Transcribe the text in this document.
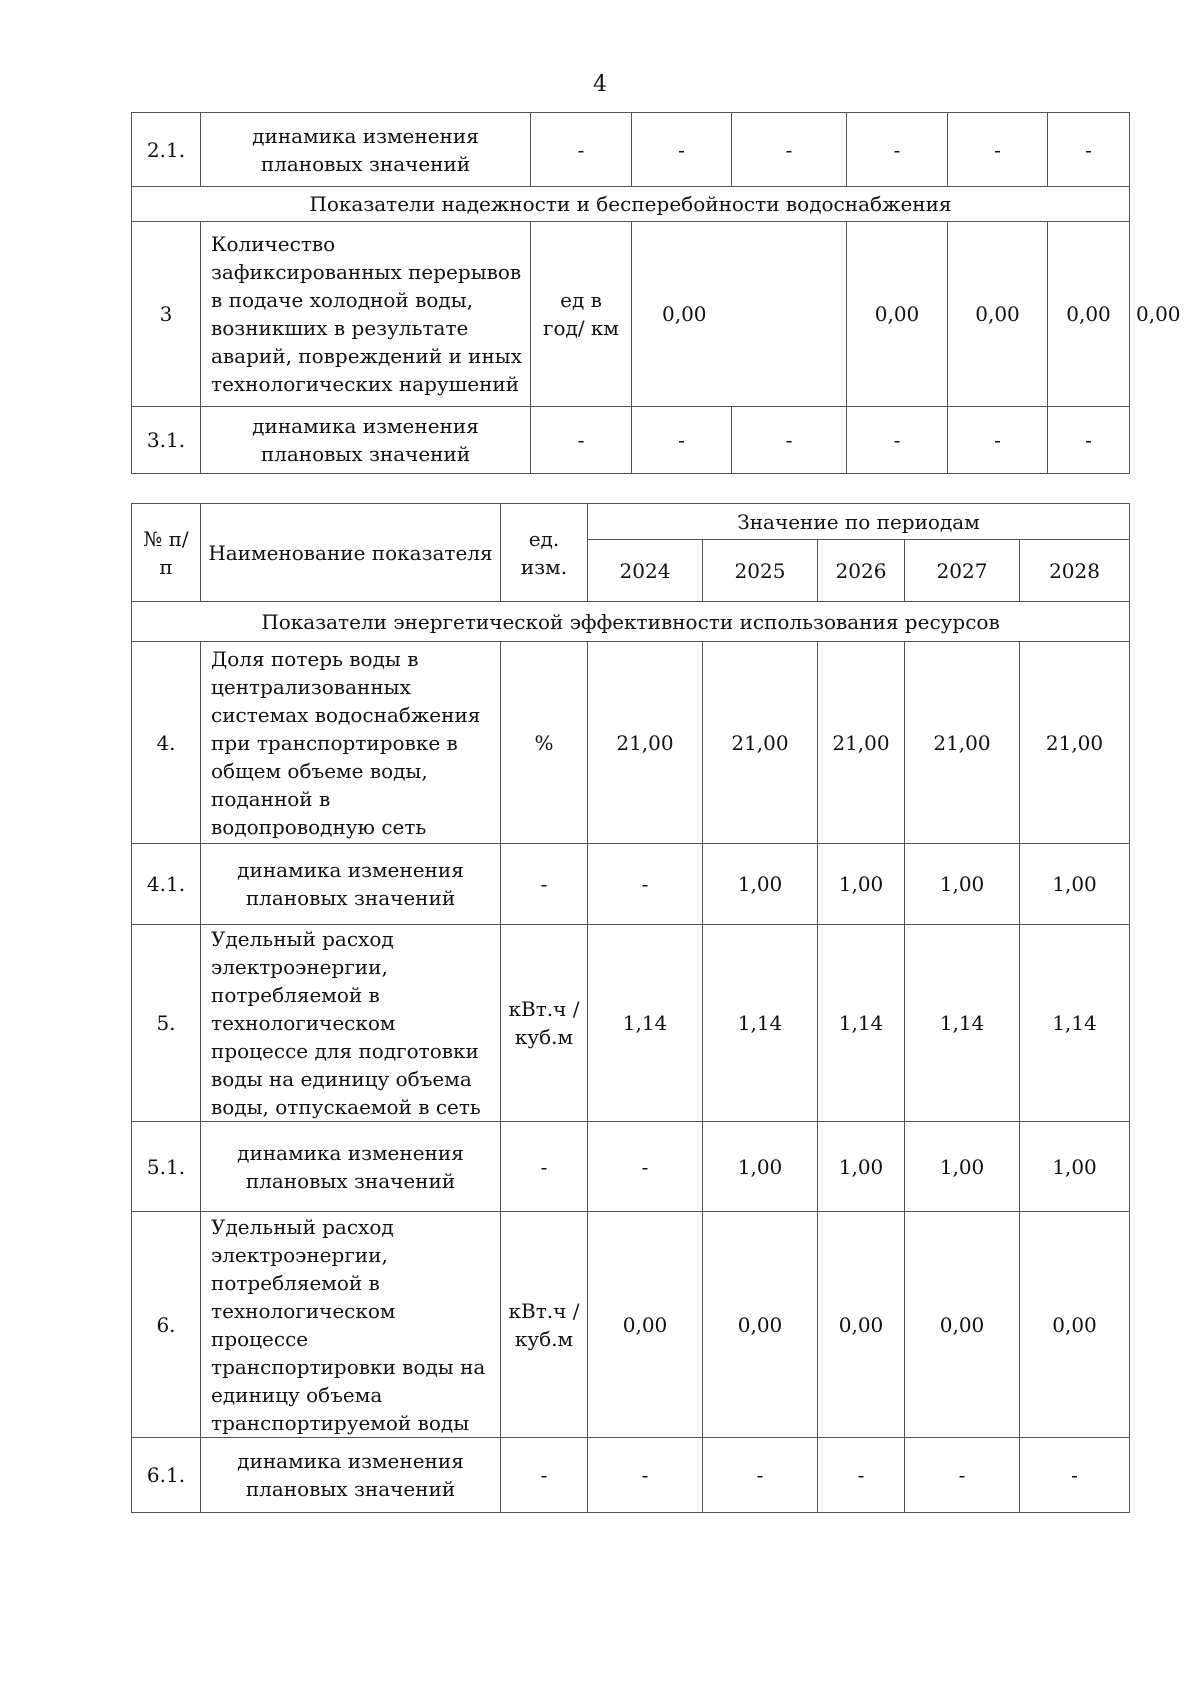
4
2.1.	динамика изменения плановых значений	-	-	-	-	-	-	
Показатели надежности и бесперебойности водоснабжения								
3	Количество зафиксированных перерывов в подаче холодной воды, возникших в результате аварий, повреждений и иных технологических нарушений	ед в год/ км	0,00		0,00	0,00	0,00	0,00
3.1.	динамика изменения плановых значений	-	-	-	-	-	-	
№ п/п	Наименование показателя	ед. изм.	Значение по периодам				
			2024	2025	2026	2027	2028
Показатели энергетической эффективности использования ресурсов							
4.	Доля потерь воды в централизованных системах водоснабжения при транспортировке в общем объеме воды, поданной в водопроводную сеть	%	21,00	21,00	21,00	21,00	21,00
4.1.	динамика изменения плановых значений	-	-	1,00	1,00	1,00	1,00
5.	Удельный расход электроэнергии, потребляемой в технологическом процессе для подготовки воды на единицу объема воды, отпускаемой в сеть	кВт.ч / куб.м	1,14	1,14	1,14	1,14	1,14
5.1.	динамика изменения плановых значений	-	-	1,00	1,00	1,00	1,00
6.	Удельный расход электроэнергии, потребляемой в технологическом процессе транспортировки воды на единицу объема транспортируемой воды	кВт.ч / куб.м	0,00	0,00	0,00	0,00	0,00
6.1.	динамика изменения плановых значений	-	-	-	-	-	-
